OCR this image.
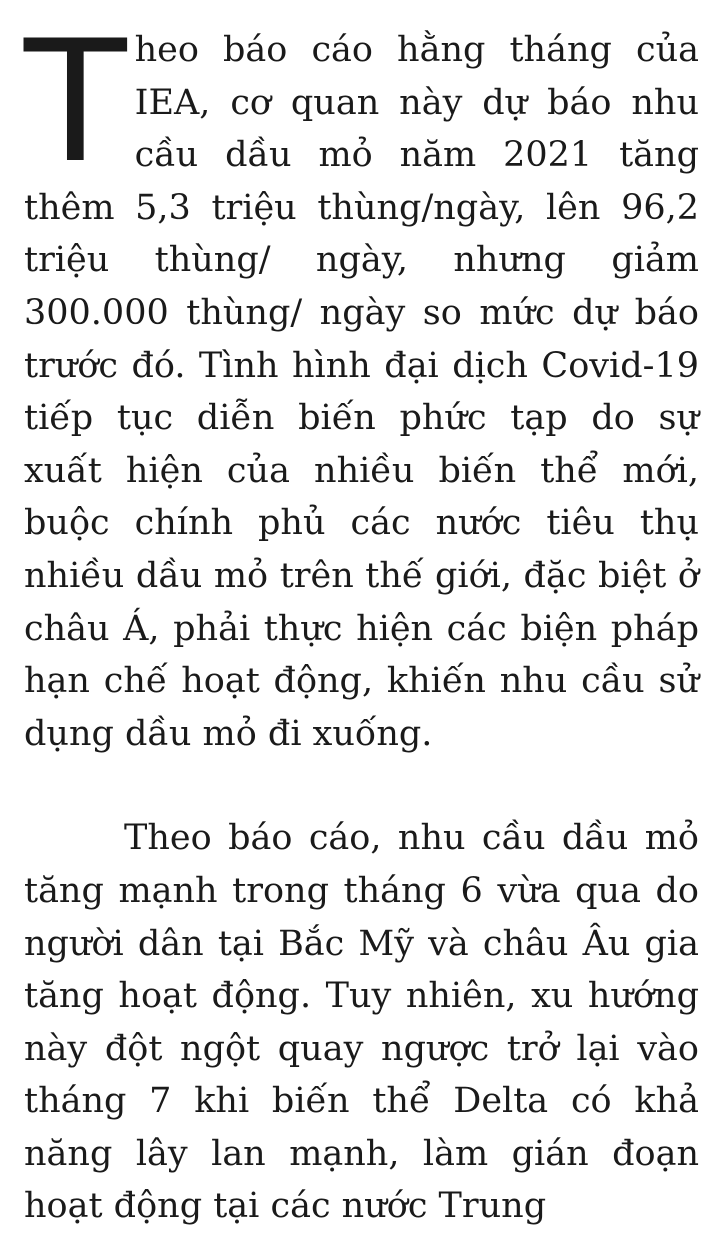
Theo báo cáo hằng tháng của IEA, cơ quan này dự báo nhu cầu dầu mỏ năm 2021 tăng thêm 5,3 triệu thùng/ngày, lên 96,2 triệu thùng/ ngày, nhưng giảm 300.000 thùng/ ngày so mức dự báo trước đó. Tình hình đại dịch Covid-19 tiếp tục diễn biến phức tạp do sự xuất hiện của nhiều biến thể mới, buộc chính phủ các nước tiêu thụ nhiều dầu mỏ trên thế giới, đặc biệt ở châu Á, phải thực hiện các biện pháp hạn chế hoạt động, khiến nhu cầu sử dụng dầu mỏ đi xuống.

Theo báo cáo, nhu cầu dầu mỏ tăng mạnh trong tháng 6 vừa qua do người dân tại Bắc Mỹ và châu Âu gia tăng hoạt động. Tuy nhiên, xu hướng này đột ngột quay ngược trở lại vào tháng 7 khi biến thể Delta có khả năng lây lan mạnh, làm gián đoạn hoạt động tại các nước Trung
